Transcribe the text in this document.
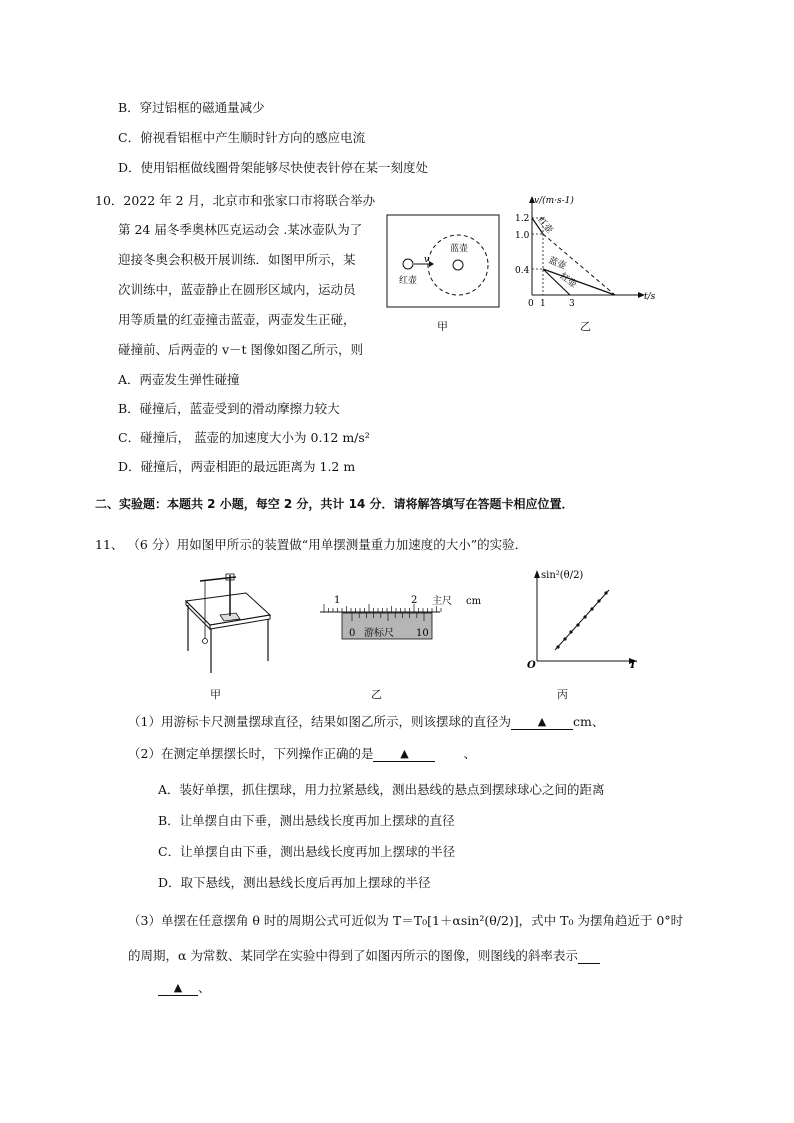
B．穿过铝框的磁通量减少
C．俯视看铝框中产生顺时针方向的感应电流
D．使用铝框做线圈骨架能够尽快使表针停在某一刻度处
10．2022 年 2 月，北京市和张家口市将联合举办
第 24 届冬季奥林匹克运动会 .某冰壶队为了
迎接冬奥会积极开展训练．如图甲所示，某
次训练中，蓝壶静止在圆形区域内，运动员
用等质量的红壶撞击蓝壶，两壶发生正碰，
碰撞前、后两壶的 v－t 图像如图乙所示，则
A．两壶发生弹性碰撞
B．碰撞后，蓝壶受到的滑动摩擦力较大
C．碰撞后， 蓝壶的加速度大小为 0.12 m/s²
D．碰撞后，两壶相距的最远距离为 1.2 m
v
红壶
蓝壶
甲
v/(m·s-1)
t/s
1.2
1.0
0.4
0 1	3
红壶
蓝壶
红壶
乙
二、实验题：本题共 2 小题，每空 2 分，共计 14 分．请将解答填写在答题卡相应位置．
11、 （6 分）用如图甲所示的装置做“用单摆测量重力加速度的大小”的实验．
甲
1	2 主尺 cm
0 游标尺 10
乙
sin²(θ/2)
O	T
丙
（1）用游标卡尺测量摆球直径，结果如图乙所示，则该摆球的直径为 ▲ cm、
（2）在测定单摆摆长时，下列操作正确的是 ▲	、
A．装好单摆，抓住摆球，用力拉紧悬线，测出悬线的悬点到摆球球心之间的距离
B．让单摆自由下垂，测出悬线长度再加上摆球的直径
C．让单摆自由下垂，测出悬线长度再加上摆球的半径
D．取下悬线，测出悬线长度后再加上摆球的半径
（3）单摆在任意摆角 θ 时的周期公式可近似为 T＝T₀[1＋αsin²(θ/2)]，式中 T₀ 为摆角趋近于 0°时
的周期，α 为常数、某同学在实验中得到了如图丙所示的图像，则图线的斜率表示
▲ 、
